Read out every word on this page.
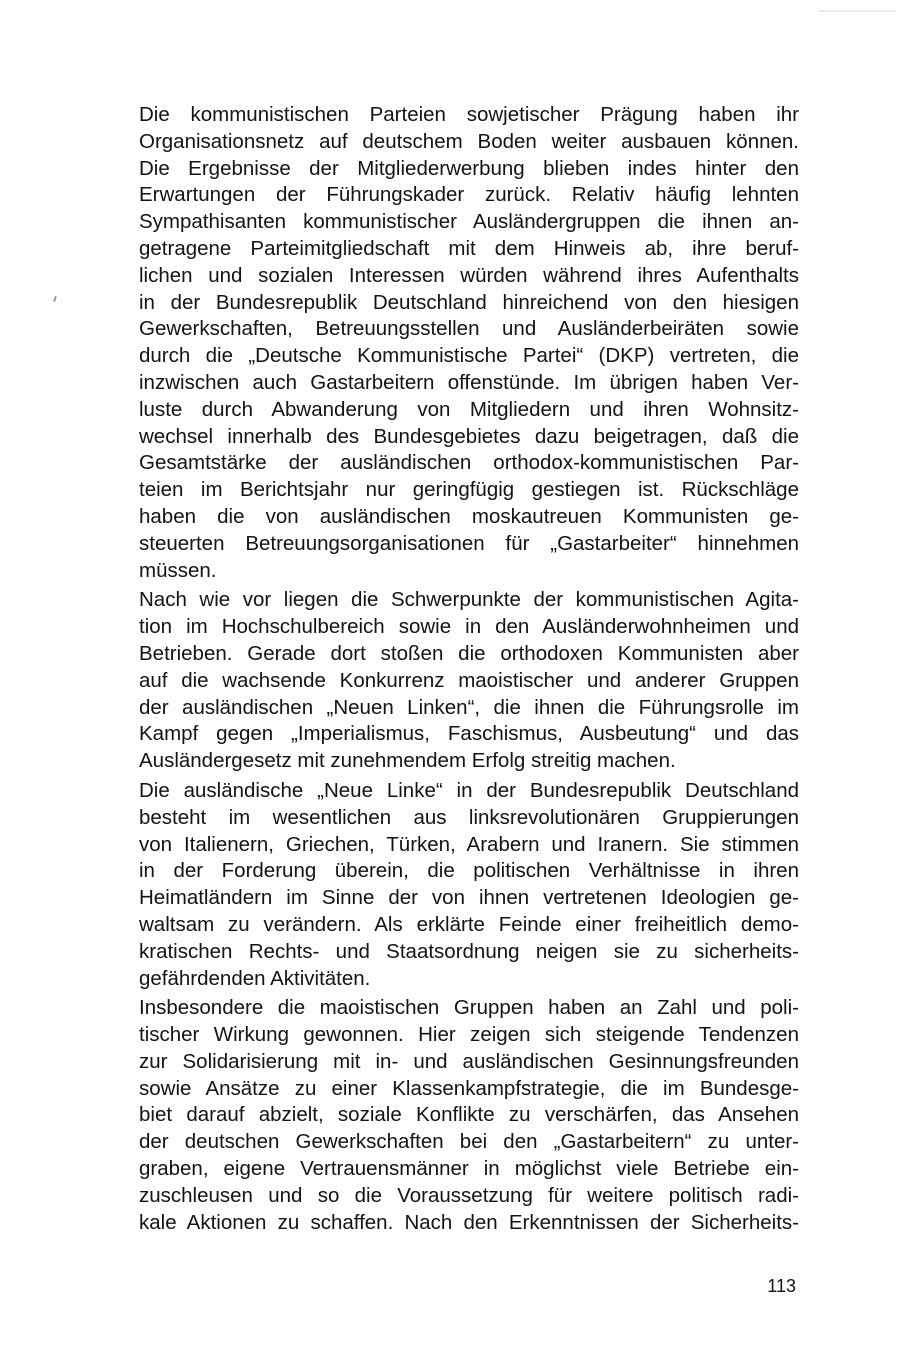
Die kommunistischen Parteien sowjetischer Prägung haben ihr
Organisationsnetz auf deutschem Boden weiter ausbauen können.
Die Ergebnisse der Mitgliederwerbung blieben indes hinter den
Erwartungen der Führungskader zurück. Relativ häufig lehnten
Sympathisanten kommunistischer Ausländergruppen die ihnen an-
getragene Parteimitgliedschaft mit dem Hinweis ab, ihre beruf-
lichen und sozialen Interessen würden während ihres Aufenthalts
in der Bundesrepublik Deutschland hinreichend von den hiesigen
Gewerkschaften, Betreuungsstellen und Ausländerbeiräten sowie
durch die „Deutsche Kommunistische Partei“ (DKP) vertreten, die
inzwischen auch Gastarbeitern offenstünde. Im übrigen haben Ver-
luste durch Abwanderung von Mitgliedern und ihren Wohnsitz-
wechsel innerhalb des Bundesgebietes dazu beigetragen, daß die
Gesamtstärke der ausländischen orthodox-kommunistischen Par-
teien im Berichtsjahr nur geringfügig gestiegen ist. Rückschläge
haben die von ausländischen moskautreuen Kommunisten ge-
steuerten Betreuungsorganisationen für „Gastarbeiter“ hinnehmen
müssen.
Nach wie vor liegen die Schwerpunkte der kommunistischen Agita-
tion im Hochschulbereich sowie in den Ausländerwohnheimen und
Betrieben. Gerade dort stoßen die orthodoxen Kommunisten aber
auf die wachsende Konkurrenz maoistischer und anderer Gruppen
der ausländischen „Neuen Linken“, die ihnen die Führungsrolle im
Kampf gegen „Imperialismus, Faschismus, Ausbeutung“ und das
Ausländergesetz mit zunehmendem Erfolg streitig machen.
Die ausländische „Neue Linke“ in der Bundesrepublik Deutschland
besteht im wesentlichen aus linksrevolutionären Gruppierungen
von Italienern, Griechen, Türken, Arabern und Iranern. Sie stimmen
in der Forderung überein, die politischen Verhältnisse in ihren
Heimatländern im Sinne der von ihnen vertretenen Ideologien ge-
waltsam zu verändern. Als erklärte Feinde einer freiheitlich demo-
kratischen Rechts- und Staatsordnung neigen sie zu sicherheits-
gefährdenden Aktivitäten.
Insbesondere die maoistischen Gruppen haben an Zahl und poli-
tischer Wirkung gewonnen. Hier zeigen sich steigende Tendenzen
zur Solidarisierung mit in- und ausländischen Gesinnungsfreunden
sowie Ansätze zu einer Klassenkampfstrategie, die im Bundesge-
biet darauf abzielt, soziale Konflikte zu verschärfen, das Ansehen
der deutschen Gewerkschaften bei den „Gastarbeitern“ zu unter-
graben, eigene Vertrauensmänner in möglichst viele Betriebe ein-
zuschleusen und so die Voraussetzung für weitere politisch radi-
kale Aktionen zu schaffen. Nach den Erkenntnissen der Sicherheits-
113
